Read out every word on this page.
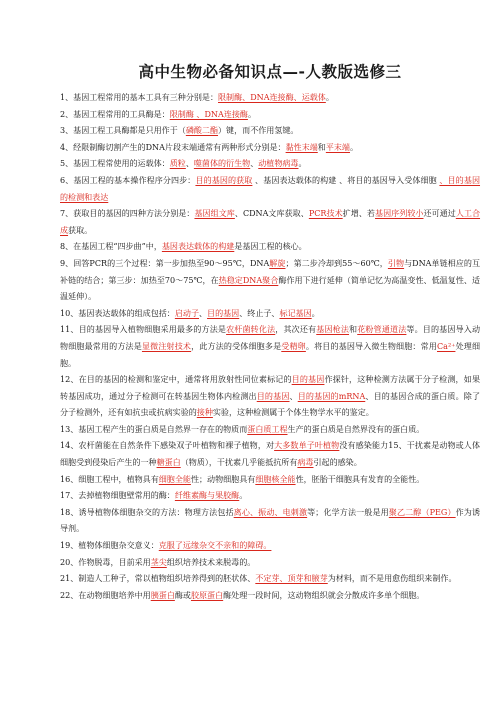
高中生物必备知识点—-人教版选修三

1、基因工程常用的基本工具有三种分别是：限制酶、DNA连接酶、运载体。

2、基因工程常用的工具酶是：限制酶 、DNA连接酶。

3、基因工程工具酶都是只用作于（磷酸二酯）键，而不作用氢键。

4、经限制酶切割产生的DNA片段末端通常有两种形式分别是：黏性末端和平末端。

5、基因工程常使用的运载体：质粒、噬菌体的衍生物、动植物病毒。

6、基因工程的基本操作程序分四步：目的基因的获取 、基因表达载体的构建 、将目的基因导入受体细胞 、目的基因的检测和表达

7、获取目的基因的四种方法分别是：基因组文库、CDNA文库获取、PCR技术扩增、若基因序列较小还可通过人工合成获取。

8、在基因工程“四步曲”中，基因表达载体的构建是基因工程的核心。

9、回答PCR的三个过程：第一步加热至90～95℃，DNA解旋；第二步冷却到55～60℃，引物与DNA单链相应的互补链的结合；第三步：加热至70～75℃，在热稳定DNA聚合酶作用下进行延伸（简单记忆为高温变性、低温复性、适温延伸）。

10、基因表达载体的组成包括：启动子、目的基因、终止子、标记基因。

11、目的基因导入植物细胞采用最多的方法是农杆菌转化法，其次还有基因枪法和花粉管通道法等。目的基因导入动物细胞最常用的方法是显微注射技术，此方法的受体细胞多是受精卵。将目的基因导入微生物细胞：常用Ca²⁺处理细胞。

12、在目的基因的检测和鉴定中，通常将用放射性同位素标记的目的基因作探针，这种检测方法属于分子检测，如果转基因成功，通过分子检测可在转基因生物体内检测出目的基因、目的基因的mRNA、目的基因合成的蛋白质。除了分子检测外，还有如抗虫或抗病实验的接种实验，这种检测属于个体生物学水平的鉴定。

13、基因工程产生的蛋白质是自然界一存在的物质而蛋白质工程生产的蛋白质是自然界没有的蛋白质。

14、农杆菌能在自然条件下感染双子叶植物和裸子植物，对大多数单子叶植物没有感染能力15、干扰素是动物或人体细胞受到侵染后产生的一种糖蛋白（物质），干扰素几乎能抵抗所有病毒引起的感染。

16、细胞工程中，植物具有细胞全能性；动物细胞具有细胞核全能性，胚胎干细胞具有发育的全能性。

17、去掉植物细胞壁常用的酶：纤维素酶与果胶酶。

18、诱导植物体细胞杂交的方法：物理方法包括离心、振动、电刺激等；化学方法一般是用聚乙二醇（PEG）作为诱导剂。

19、植物体细胞杂交意义：克服了远缘杂交不亲和的障碍。

20、作物脱毒，目前采用茎尖组织培养技术来脱毒的。

21、制造人工种子，常以植物组织培养得到的胚状体、不定芽、顶芽和腋芽为材料，而不是用愈伤组织来制作。

22、在动物细胞培养中用胰蛋白酶或胶原蛋白酶处理一段时间，这动物组织就会分散成许多单个细胞。
